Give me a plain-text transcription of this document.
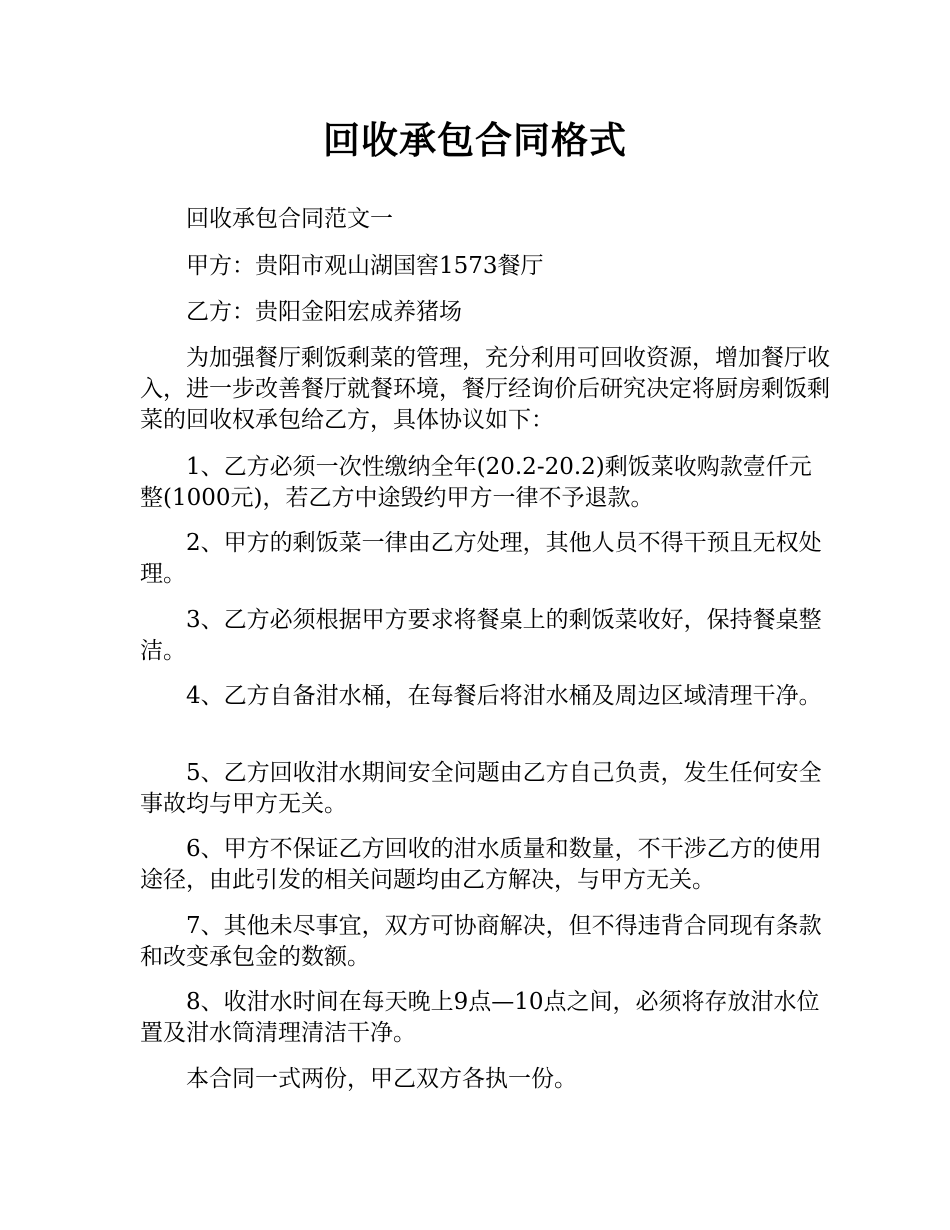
回收承包合同格式

回收承包合同范文一

甲方：贵阳市观山湖国窖1573餐厅

乙方：贵阳金阳宏成养猪场

为加强餐厅剩饭剩菜的管理，充分利用可回收资源，增加餐厅收入，进一步改善餐厅就餐环境，餐厅经询价后研究决定将厨房剩饭剩菜的回收权承包给乙方，具体协议如下：

1、乙方必须一次性缴纳全年(20.2-20.2)剩饭菜收购款壹仟元整(1000元)，若乙方中途毁约甲方一律不予退款。

2、甲方的剩饭菜一律由乙方处理，其他人员不得干预且无权处理。

3、乙方必须根据甲方要求将餐桌上的剩饭菜收好，保持餐桌整洁。

4、乙方自备泔水桶，在每餐后将泔水桶及周边区域清理干净。

5、乙方回收泔水期间安全问题由乙方自己负责，发生任何安全事故均与甲方无关。

6、甲方不保证乙方回收的泔水质量和数量，不干涉乙方的使用途径，由此引发的相关问题均由乙方解决，与甲方无关。

7、其他未尽事宜，双方可协商解决，但不得违背合同现有条款和改变承包金的数额。

8、收泔水时间在每天晚上9点—10点之间，必须将存放泔水位置及泔水筒清理清洁干净。

本合同一式两份，甲乙双方各执一份。
